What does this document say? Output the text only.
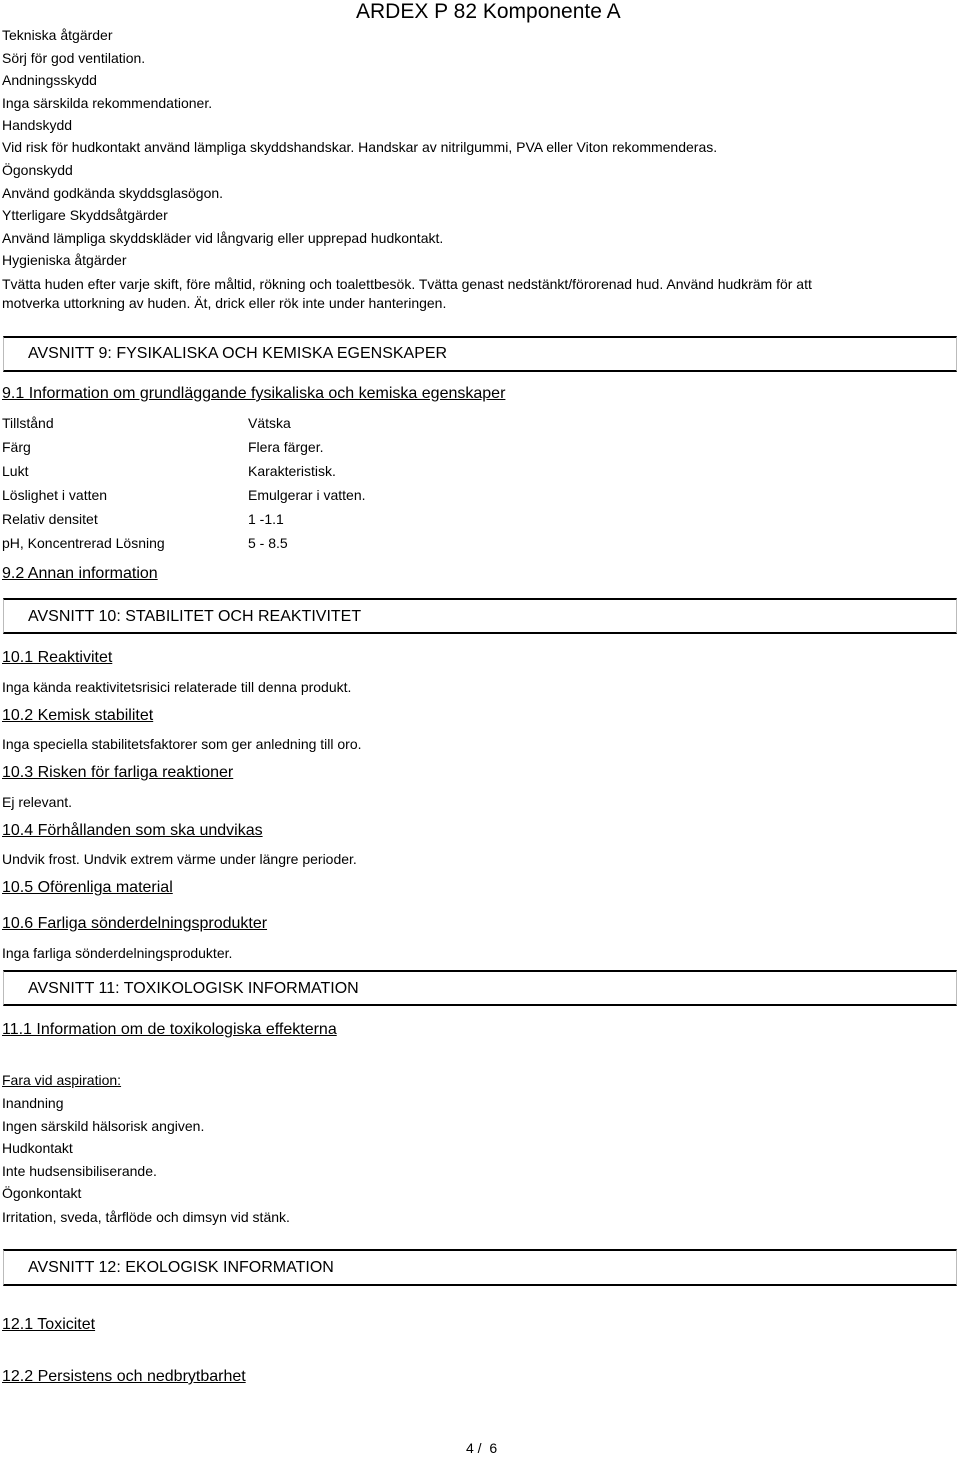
ARDEX P 82 Komponente A
Tekniska åtgärder
Sörj för god ventilation.
Andningsskydd
Inga särskilda rekommendationer.
Handskydd
Vid risk för hudkontakt använd lämpliga skyddshandskar. Handskar av nitrilgummi, PVA eller Viton rekommenderas.
Ögonskydd
Använd godkända skyddsglasögon.
Ytterligare Skyddsåtgärder
Använd lämpliga skyddskläder vid långvarig eller upprepad hudkontakt.
Hygieniska åtgärder
Tvätta huden efter varje skift, före måltid, rökning och toalettbesök. Tvätta genast nedstänkt/förorenad hud. Använd hudkräm för att
motverka uttorkning av huden. Ät, drick eller rök inte under hanteringen.
AVSNITT 9: FYSIKALISKA OCH KEMISKA EGENSKAPER
9.1 Information om grundläggande fysikaliska och kemiska egenskaper
Tillstånd	Vätska
Färg	Flera färger.
Lukt	Karakteristisk.
Löslighet i vatten	Emulgerar i vatten.
Relativ densitet	1 -1.1
pH, Koncentrerad Lösning	5 - 8.5
9.2 Annan information
AVSNITT 10: STABILITET OCH REAKTIVITET
10.1 Reaktivitet
Inga kända reaktivitetsrisici relaterade till denna produkt.
10.2 Kemisk stabilitet
Inga speciella stabilitetsfaktorer som ger anledning till oro.
10.3 Risken för farliga reaktioner
Ej relevant.
10.4 Förhållanden som ska undvikas
Undvik frost. Undvik extrem värme under längre perioder.
10.5 Oförenliga material
10.6 Farliga sönderdelningsprodukter
Inga farliga sönderdelningsprodukter.
AVSNITT 11: TOXIKOLOGISK INFORMATION
11.1 Information om de toxikologiska effekterna
Fara vid aspiration:
Inandning
Ingen särskild hälsorisk angiven.
Hudkontakt
Inte hudsensibiliserande.
Ögonkontakt
Irritation, sveda, tårflöde och dimsyn vid stänk.
AVSNITT 12: EKOLOGISK INFORMATION
12.1 Toxicitet
12.2 Persistens och nedbrytbarhet
4 /  6
